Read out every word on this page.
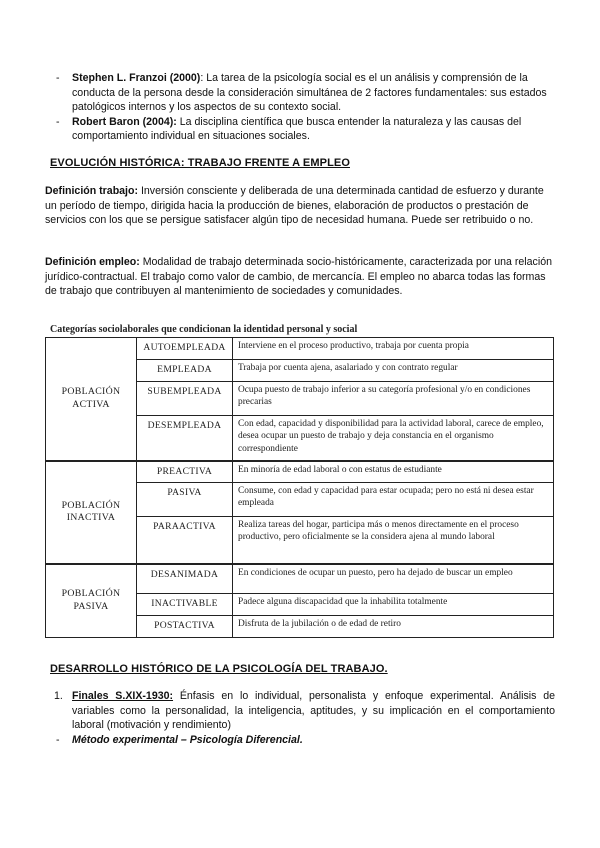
- Stephen L. Franzoi (2000): La tarea de la psicología social es el un análisis y comprensión de la conducta de la persona desde la consideración simultánea de 2 factores fundamentales: sus estados patológicos internos y los aspectos de su contexto social.

- Robert Baron (2004): La disciplina científica que busca entender la naturaleza y las causas del comportamiento individual en situaciones sociales.

EVOLUCIÓN HISTÓRICA: TRABAJO FRENTE A EMPLEO

Definición trabajo: Inversión consciente y deliberada de una determinada cantidad de esfuerzo y durante un período de tiempo, dirigida hacia la producción de bienes, elaboración de productos o prestación de servicios con los que se persigue satisfacer algún tipo de necesidad humana. Puede ser retribuido o no.

Definición empleo: Modalidad de trabajo determinada socio-históricamente, caracterizada por una relación jurídico-contractual. El trabajo como valor de cambio, de mercancía. El empleo no abarca todas las formas de trabajo que contribuyen al mantenimiento de sociedades y comunidades.

Categorías sociolaborales que condicionan la identidad personal y social
POBLACIÓN
ACTIVA	AUTOEMPLEADA	Interviene en el proceso productivo, trabaja por cuenta propia
	EMPLEADA	Trabaja por cuenta ajena, asalariado y con contrato regular
	SUBEMPLEADA	Ocupa puesto de trabajo inferior a su categoría profesional y/o en condiciones precarias
	DESEMPLEADA	Con edad, capacidad y disponibilidad para la actividad laboral, carece de empleo, desea ocupar un puesto de trabajo y deja constancia en el organismo correspondiente

POBLACIÓN
INACTIVA	PREACTIVA	En minoría de edad laboral o con estatus de estudiante
	PASIVA	Consume, con edad y capacidad para estar ocupada; pero no está ni desea estar empleada
	PARAACTIVA	Realiza tareas del hogar, participa más o menos directamente en el proceso productivo, pero oficialmente se la considera ajena al mundo laboral

POBLACIÓN
PASIVA	DESANIMADA	En condiciones de ocupar un puesto, pero ha dejado de buscar un empleo
	INACTIVABLE	Padece alguna discapacidad que la inhabilita totalmente
	POSTACTIVA	Disfruta de la jubilación o de edad de retiro
DESARROLLO HISTÓRICO DE LA PSICOLOGÍA DEL TRABAJO.

1. Finales S.XIX-1930: Énfasis en lo individual, personalista y enfoque experimental. Análisis de variables como la personalidad, la inteligencia, aptitudes, y su implicación en el comportamiento laboral (motivación y rendimiento)

- Método experimental – Psicología Diferencial.
